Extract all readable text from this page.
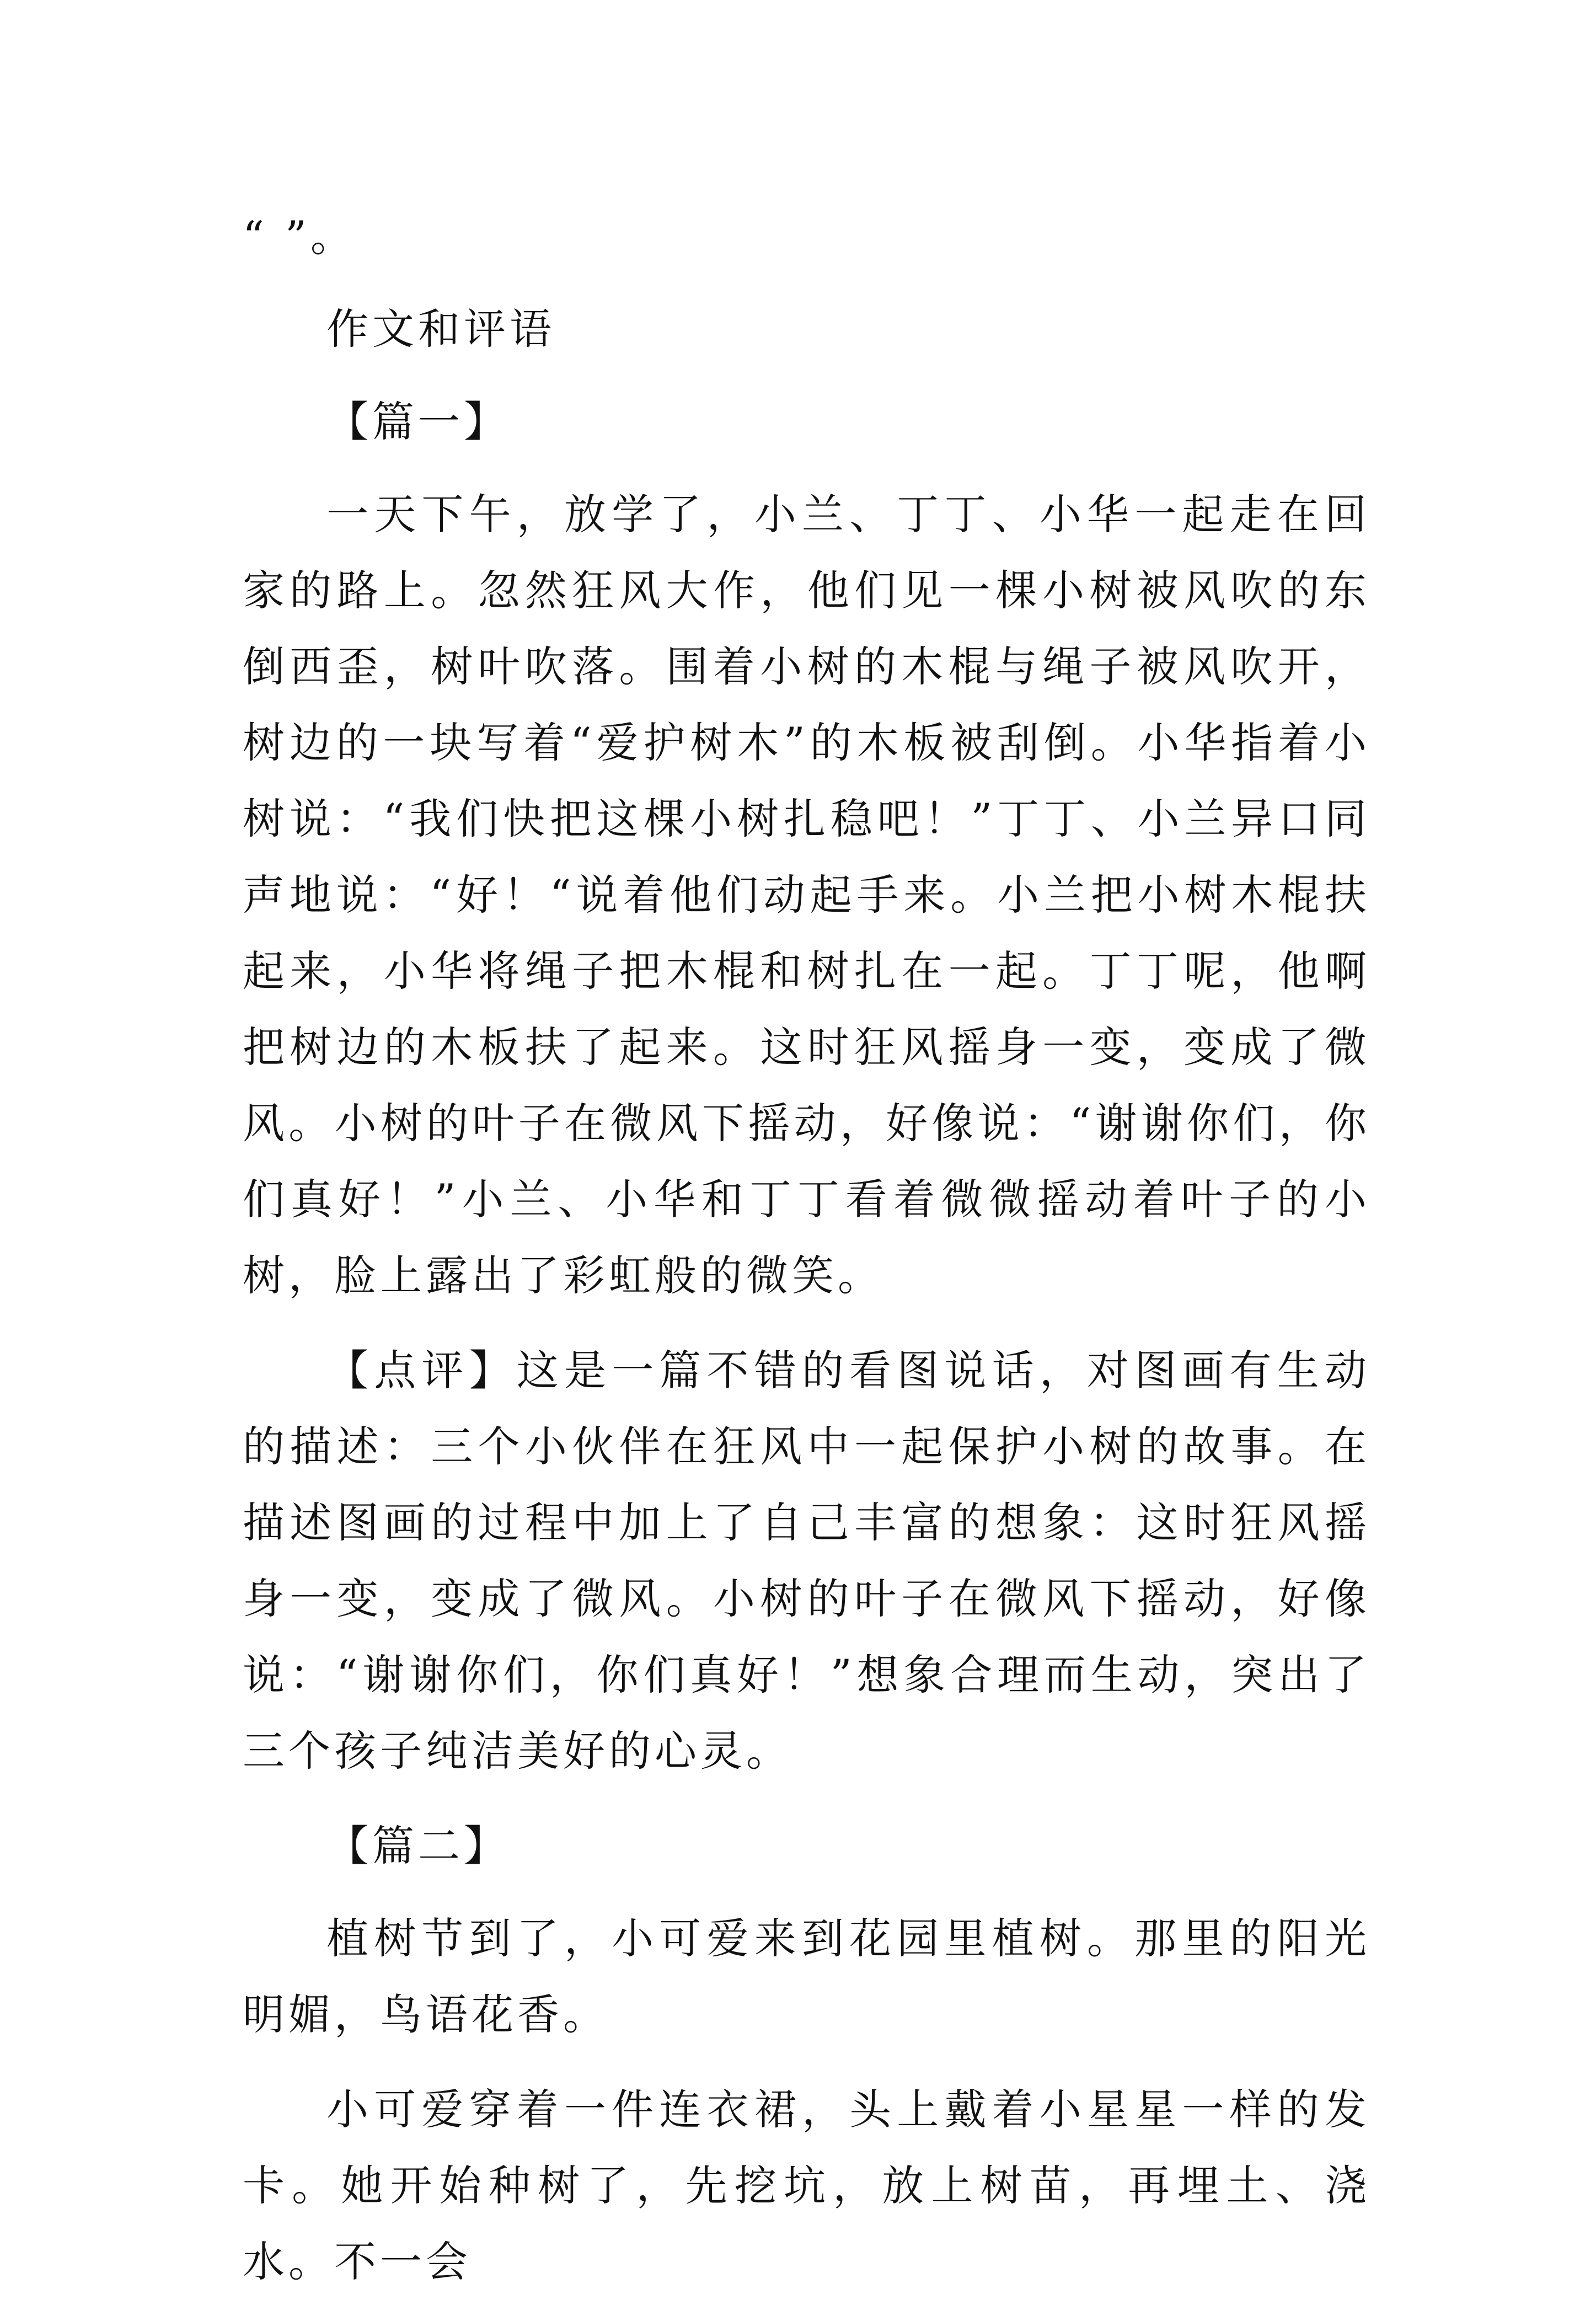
“ ”。

作文和评语

【篇一】

一天下午，放学了，小兰、丁丁、小华一起走在回家的路上。忽然狂风大作，他们见一棵小树被风吹的东倒西歪，树叶吹落。围着小树的木棍与绳子被风吹开，树边的一块写着“爱护树木”的木板被刮倒。小华指着小树说：“我们快把这棵小树扎稳吧！”丁丁、小兰异口同声地说：“好！“说着他们动起手来。小兰把小树木棍扶起来，小华将绳子把木棍和树扎在一起。丁丁呢，他啊把树边的木板扶了起来。这时狂风摇身一变，变成了微风。小树的叶子在微风下摇动，好像说：“谢谢你们，你们真好！”小兰、小华和丁丁看着微微摇动着叶子的小树，脸上露出了彩虹般的微笑。

【点评】这是一篇不错的看图说话，对图画有生动的描述：三个小伙伴在狂风中一起保护小树的故事。在描述图画的过程中加上了自己丰富的想象：这时狂风摇身一变，变成了微风。小树的叶子在微风下摇动，好像说：“谢谢你们，你们真好！”想象合理而生动，突出了三个孩子纯洁美好的心灵。

【篇二】

植树节到了，小可爱来到花园里植树。那里的阳光明媚，鸟语花香。

小可爱穿着一件连衣裙，头上戴着小星星一样的发卡。她开始种树了，先挖坑，放上树苗，再埋土、浇水。不一会
